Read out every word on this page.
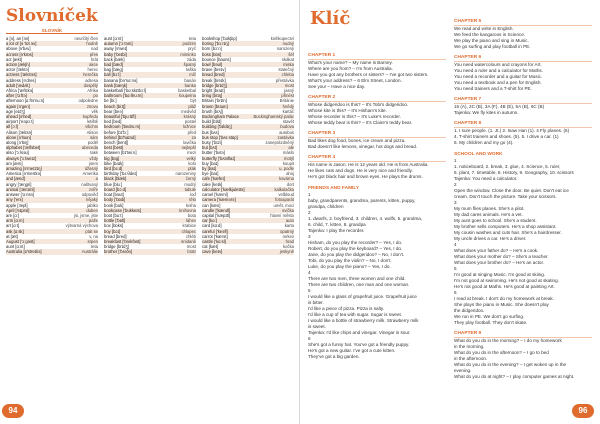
Slovníček
SLOVNÍK
a [ə], an [ən]	neurčitý člen
a lot of [ə 'lɒt əv]	hodně
above [ə'bʌv]	nad
across [ə'krɒs]	přes
act [ækt]	hrát
action [ækʃn]	akce
actor ['æktə]	herec
actress ['æktrəs]	herečka
address [ə'dres]	adresa
adult ['ædʌlt]	dospělý
Africa ['æfrɪkə]	Afrika
after ['ɑːftə]	po
afternoon [ɑːftə'nuːn]	odpoledne
again [ə'gen]	znovu
age [eɪdʒ]	věk
ahead [ə'hed]	kupředu
airport ['eəpɔːt]	letiště
all [ɔːl]	všichni
Alison ['ælɪsn]	Alison
alone [ə'ləʊn]	sám
along [ə'lɒŋ]	podél
alphabet ['ælfəbet]	abeceda
also ['ɔːlsəʊ]	také
always ['ɔːlweɪz]	vždy
am [æm]	jsem
amazing [ə'meɪzɪŋ]	úžasný
America [ə'merɪkə]	Amerika
and [ænd]	a
angry ['æŋgri]	naštvaný
animal ['ænɪml]	zvíře
answer ['ɑːnsə]	odpověď
any ['eni]	nějaký
apple ['æpl]	jablko
April ['eɪprəl]	duben
are [ɑː]	jsi, jsme, jste
arm [ɑːm]	paže
art [ɑːt]	výtvarná výchova
ask [ɑːsk]	ptát se
at [æt]	v, na
August ['ɔːgəst]	srpen
aunt [ɑːnt]	teta
Australia [ɒ'streɪliə]	Austrálie
aunt [ɑːnt]	teta
autumn ['ɔːtəm]	podzim
away [ə'weɪ]	pryč
baby ['beɪbi]	miminko
back [bæk]	záda
bad [bæd]	špatný
bag [bæg]	taška
ball [bɔːl]	míč
banana [bə'nɑːnə]	banán
bank [bæŋk]	banka
basketball ['bɑːskɪtbɔːl]	basketbal
bathroom ['bɑːθruːm]	koupelna
be [biː]	být
beach [biːtʃ]	pláž
bear [beə]	medvěd
beautiful ['bjuːtɪfl]	krásný
bed [bed]	postel
bedroom ['bedruːm]	ložnice
before [bɪ'fɔː]	před
behind [bɪ'haɪnd]	za
bench [bentʃ]	lavička
best [best]	nejlepší
between [bɪ'twiːn]	mezi
big [bɪg]	velký
bike [baɪk]	kolo
bird [bɜːd]	pták
birthday ['bɜːθdeɪ]	narozeniny
black [blæk]	černý
blue [bluː]	modrý
board [bɔːd]	tabule
boat [bəʊt]	loď
body ['bɒdi]	tělo
book [bʊk]	kniha
bookcase ['bʊkkeɪs]	knihovna
boot [buːt]	bota
bottle ['bɒtl]	láhev
box [bɒks]	krabice
boy [bɔɪ]	chlapec
bread [bred]	chléb
breakfast ['brekfəst]	snídaně
bridge [brɪdʒ]	most
brother ['brʌðə]	bratr
bookshop ['bʊkʃɒp]	knihkupectví
boring ['bɔːrɪŋ]	nudný
born [bɔːn]	narozený
boss [bɒs]	šéf
bounce [baʊns]	skákat
bowl [bəʊl]	miska
brave [breɪv]	statečný
bread [bred]	chleba
break [breɪk]	přestávka
bridge [brɪdʒ]	most
bright [braɪt]	jasný
bring [brɪŋ]	přinést
Britain ['brɪtn]	Británie
brown [braʊn]	hnědý
brush [brʌʃ]	kartáč
Buckingham Palace	Buckinghamský palác
build [bɪld]	stavět
building ['bɪldɪŋ]	budova
bus [bʌs]	autobus
bus stop ['bʌs stɒp]	zastávka
busy ['bɪzi]	zaneprázdněný
but [bʌt]	ale
butter ['bʌtə]	máslo
butterfly ['bʌtəflaɪ]	motýl
buy [baɪ]	koupit
by [baɪ]	u, podle
bye [baɪ]	ahoj
cafe ['kæfeɪ]	kavárna
cake [keɪk]	dort
calculator ['kælkjuleɪtə]	kalkulačka
camel ['kæml]	velbloud
camera ['kæmərə]	fotoaparát
can [kæn]	umět, moci
candle ['kændl]	svíčka
capital ['kæpɪtl]	hlavní město
car [kɑː]	auto
card [kɑːd]	karta
careful ['keəfl]	opatrný
carrot ['kærət]	mrkev
castle ['kɑːsl]	hrad
cat [kæt]	kočka
cave [keɪv]	jeskyně
94
Klíč
CHAPTER 1
What's your name? – My name is Barney.
Where are you from? – I'm from Australia.
Have you got any brothers or sisters? – I've got two sisters.
What's your address? – 6 Elm Street, London.
See you! – Have a nice day.
CHAPTER 2
Whose didgeridoo is this? – It's Tobi's didgeridoo.
Whose kite is this? – It's Hisham's kite.
Whose recorder is this? – It's Luke's recorder.
Whose teddy bear is this? – It's Claire's teddy bear.
CHAPTER 3
Bad likes dog food, bones, ice cream and pizza.
Bad doesn't like lemons, vinegar, hot dogs and bread.
CHAPTER 4
His name is Jason. He is 12 years old. He is from Australia.
He likes cats and dogs. He is very nice and friendly.
He's got black hair and brown eyes. He plays the drums.
FRIENDS AND FAMILY
1
baby, grandparents, grandma, parents, kitten, puppy,
grandpa, children
2
1. dwarfs, 2. boyfriend, 3. children, 4. wolfs, 5. grandma,
6. child, 7. kitten, 8. grandpa
Tajenka: I play the recorder.
3
Hisham, do you play the recorder? – Yes, I do.
Robert, do you play the keyboard? – Yes, I do.
Jane, do you play the didgeridoo? – No, I don't.
Tobi, do you play the violin? – No, I don't.
Luke, do you play the piano? – Yes, I do.
4
There are two men, three women and one child.
There are two children, one man and one woman.
5
I would like a glass of grapefruit juice. Grapefruit juice
is bitter.
I'd like a piece of pizza. Pizza is salty.
I'd like a cup of tea with sugar. Sugar is sweet.
I would like a bottle of strawberry milk. Strawberry milk
is sweet.
Tajenka: I'd like chips and vinegar. Vinegar is sour.
6
She's got a funny hat. You've got a friendly puppy.
He's got a new guitar. I've got a cute kitten.
They've got a big garden.
CHAPTER 5
We read and write in English.
We feed the kangaroos in Science.
We play the piano and sing in Music.
We go surfing and play football in PE.
CHAPTER 6
You need watercolours and crayons for Art.
You need a ruler and a calculator for Maths.
You need a recorder and a guitar for Music.
You need a textbook and a pen for English.
You need trainers and a T-shirt for PE.
CHAPTER 7
16 (A), 2C (B), 3A (F), 4B (E), 5A (B), 6C (B)
Tajenka: We fly kites in autumn.
CHAPTER 8
1. I sure people. (1. Jt.) 2. Isaw Han (1). 4 Fly planes. (5)
4. T-shirt trainers and shoes. (5). 5. I drive a car. (1)
6. My children and my go (4).
SCHOOL AND WORK
1
1. noticeboard, 2. break, 3. glue, 4. Science, 5. ruler,
6. plant, 7. timetable, 8. History, 9. Geography, 10. scissors
Tajenka: You need a calculator.
2
Open the window. Close the door. Be quiet. Don't eat ice
cream. Don't touch the picture. Take your scissors.
3
My mum flies planes. She's a pilot.
My dad cares animals. He's a vet.
My aunt goes to school. She's a student.
My brother sells computers. He's a shop assistant.
My cousin washes and cuts hair. She's a hairdresser.
My uncle drives a car. He's a driver.
4
What does your father do? – He's a cook.
What does your mother do? – She's a teacher.
What does your brother do? – He's an actor.
5
I'm good at singing Music. I'm good at skiing.
I'm not good at swimming. He's not good at skating.
He's not good at Maths. He's good at painting Art.
6
I read at break. I don't do my homework at break.
She plays the piano in Music. She doesn't play
the didgeridoo.
We run in PE. We don't go surfing.
They play football. They don't skate.
CHAPTER 9
What do you do in the morning? – I do my homework
in the morning.
What do you do in the afternoon? – I go to bed
in the afternoon.
What do you do in the evening? – I get woken up in the
evening.
What do you do at night? – I play computer games at night.
96
